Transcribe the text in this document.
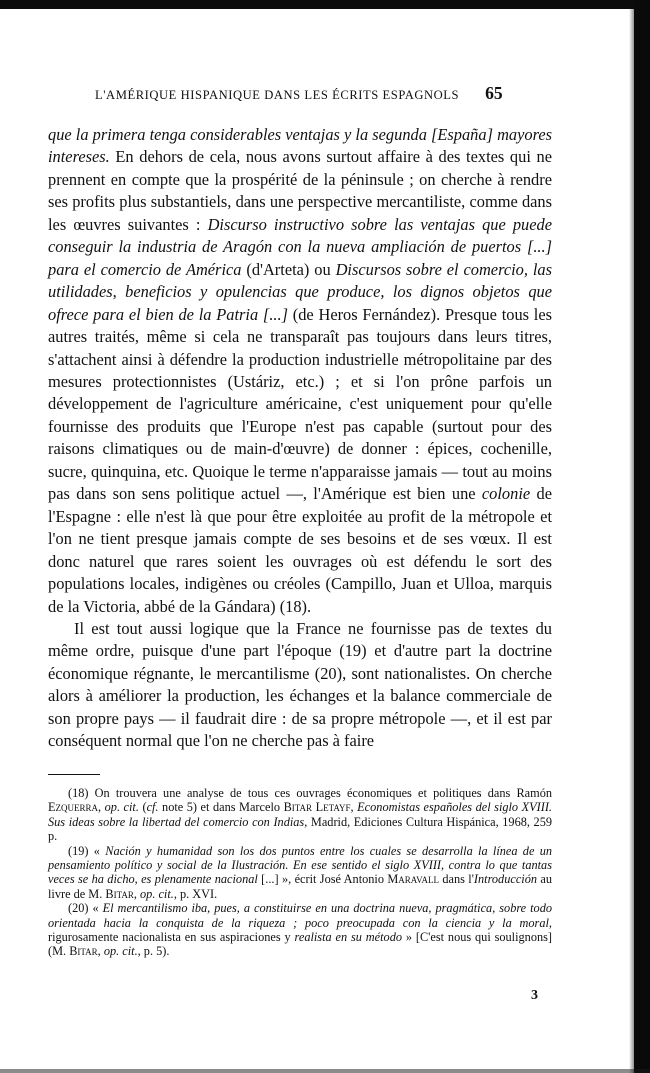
L'AMÉRIQUE HISPANIQUE DANS LES ÉCRITS ESPAGNOLS 65

que la primera tenga considerables ventajas y la segunda [España] mayores intereses. En dehors de cela, nous avons surtout affaire à des textes qui ne prennent en compte que la prospérité de la péninsule ; on cherche à rendre ses profits plus substantiels, dans une perspective mercantiliste, comme dans les œuvres suivantes : Discurso instructivo sobre las ventajas que puede conseguir la industria de Aragón con la nueva ampliación de puertos [...] para el comercio de América (d'Arteta) ou Discursos sobre el comercio, las utilidades, beneficios y opulencias que produce, los dignos objetos que ofrece para el bien de la Patria [...] (de Heros Fernández). Presque tous les autres traités, même si cela ne transparaît pas toujours dans leurs titres, s'attachent ainsi à défendre la production industrielle métropolitaine par des mesures protectionnistes (Ustáriz, etc.) ; et si l'on prône parfois un développement de l'agriculture américaine, c'est uniquement pour qu'elle fournisse des produits que l'Europe n'est pas capable (surtout pour des raisons climatiques ou de main-d'œuvre) de donner : épices, cochenille, sucre, quinquina, etc. Quoique le terme n'apparaisse jamais — tout au moins pas dans son sens politique actuel —, l'Amérique est bien une colonie de l'Espagne : elle n'est là que pour être exploitée au profit de la métropole et l'on ne tient presque jamais compte de ses besoins et de ses vœux. Il est donc naturel que rares soient les ouvrages où est défendu le sort des populations locales, indigènes ou créoles (Campillo, Juan et Ulloa, marquis de la Victoria, abbé de la Gándara) (18).

Il est tout aussi logique que la France ne fournisse pas de textes du même ordre, puisque d'une part l'époque (19) et d'autre part la doctrine économique régnante, le mercantilisme (20), sont nationalistes. On cherche alors à améliorer la production, les échanges et la balance commerciale de son propre pays — il faudrait dire : de sa propre métropole —, et il est par conséquent normal que l'on ne cherche pas à faire

(18) On trouvera une analyse de tous ces ouvrages économiques et politiques dans Ramón Ezquerra, op. cit. (cf. note 5) et dans Marcelo Bitar Letayf, Economistas españoles del siglo XVIII. Sus ideas sobre la libertad del comercio con Indias, Madrid, Ediciones Cultura Hispánica, 1968, 259 p.

(19) « Nación y humanidad son los dos puntos entre los cuales se desarrolla la línea de un pensamiento político y social de la Ilustración. En ese sentido el siglo XVIII, contra lo que tantas veces se ha dicho, es plenamente nacional [...] », écrit José Antonio Maravall dans l'Introducción au livre de M. Bitar, op. cit., p. XVI.

(20) « El mercantilismo iba, pues, a constituirse en una doctrina nueva, pragmática, sobre todo orientada hacia la conquista de la riqueza ; poco preocupada con la ciencia y la moral, rigurosamente nacionalista en sus aspiraciones y realista en su método » [C'est nous qui soulignons] (M. Bitar, op. cit., p. 5).

3
